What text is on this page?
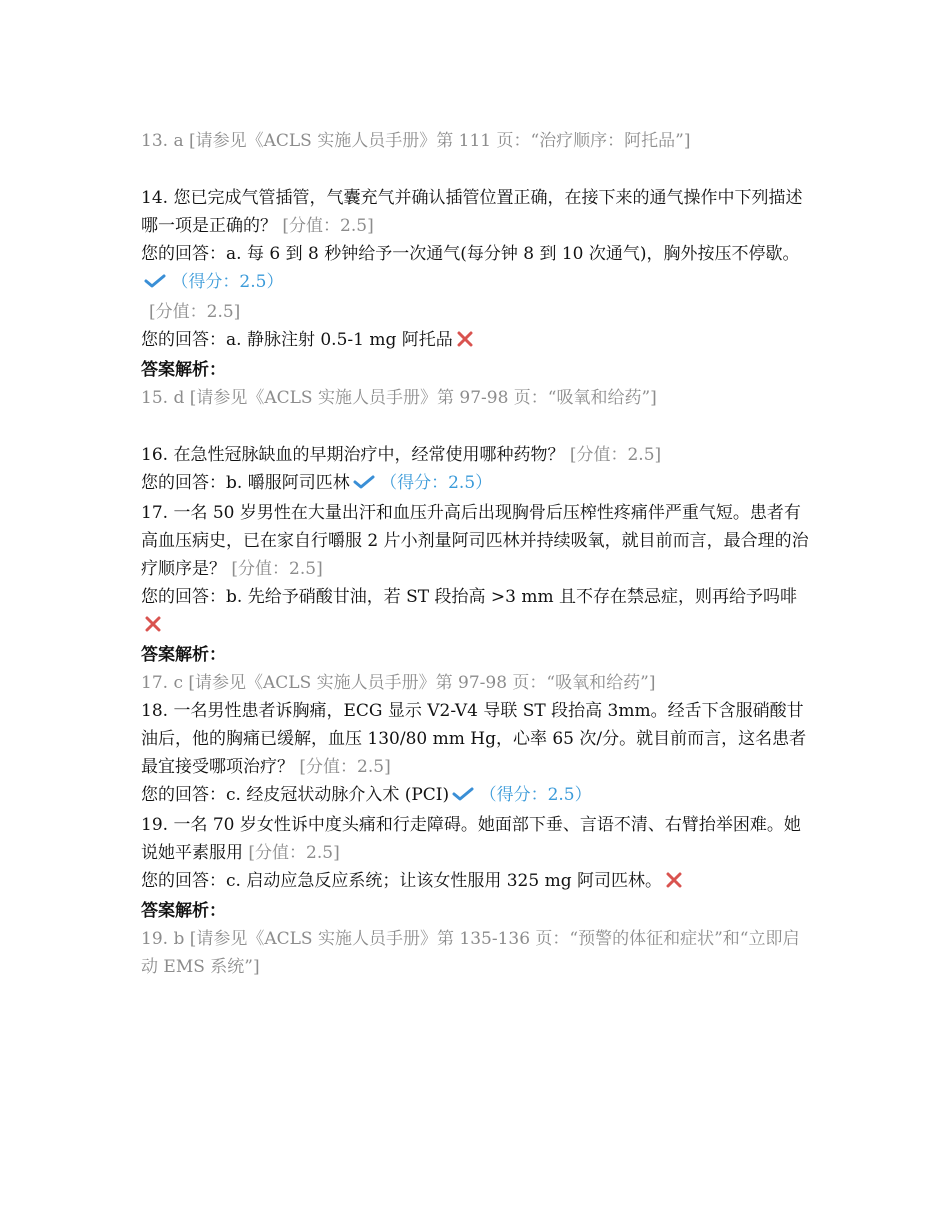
13. a [请参见《ACLS 实施人员手册》第 111 页：“治疗顺序：阿托品”]
14. 您已完成气管插管，气囊充气并确认插管位置正确，在接下来的通气操作中下列描述哪一项是正确的？ [分值：2.5]
您的回答：a. 每 6 到 8 秒钟给予一次通气(每分钟 8 到 10 次通气)，胸外按压不停歇。 （得分：2.5）
[分值：2.5]
您的回答：a. 静脉注射 0.5-1 mg 阿托品
答案解析：
15. d [请参见《ACLS 实施人员手册》第 97-98 页：“吸氧和给药”]
16. 在急性冠脉缺血的早期治疗中，经常使用哪种药物？ [分值：2.5]
您的回答：b. 嚼服阿司匹林 （得分：2.5）
17. 一名 50 岁男性在大量出汗和血压升高后出现胸骨后压榨性疼痛伴严重气短。患者有高血压病史，已在家自行嚼服 2 片小剂量阿司匹林并持续吸氧，就目前而言，最合理的治疗顺序是？ [分值：2.5]
您的回答：b. 先给予硝酸甘油，若 ST 段抬高 >3 mm 且不存在禁忌症，则再给予吗啡
答案解析：
17. c [请参见《ACLS 实施人员手册》第 97-98 页：“吸氧和给药”]
18. 一名男性患者诉胸痛，ECG 显示 V2-V4 导联 ST 段抬高 3mm。经舌下含服硝酸甘油后，他的胸痛已缓解，血压 130/80 mm Hg，心率 65 次/分。就目前而言，这名患者最宜接受哪项治疗？ [分值：2.5]
您的回答：c. 经皮冠状动脉介入术 (PCI) （得分：2.5）
19. 一名 70 岁女性诉中度头痛和行走障碍。她面部下垂、言语不清、右臂抬举困难。她说她平素服用 [分值：2.5]
您的回答：c. 启动应急反应系统；让该女性服用 325 mg 阿司匹林。
答案解析：
19. b [请参见《ACLS 实施人员手册》第 135-136 页：“预警的体征和症状”和“立即启动 EMS 系统”]
